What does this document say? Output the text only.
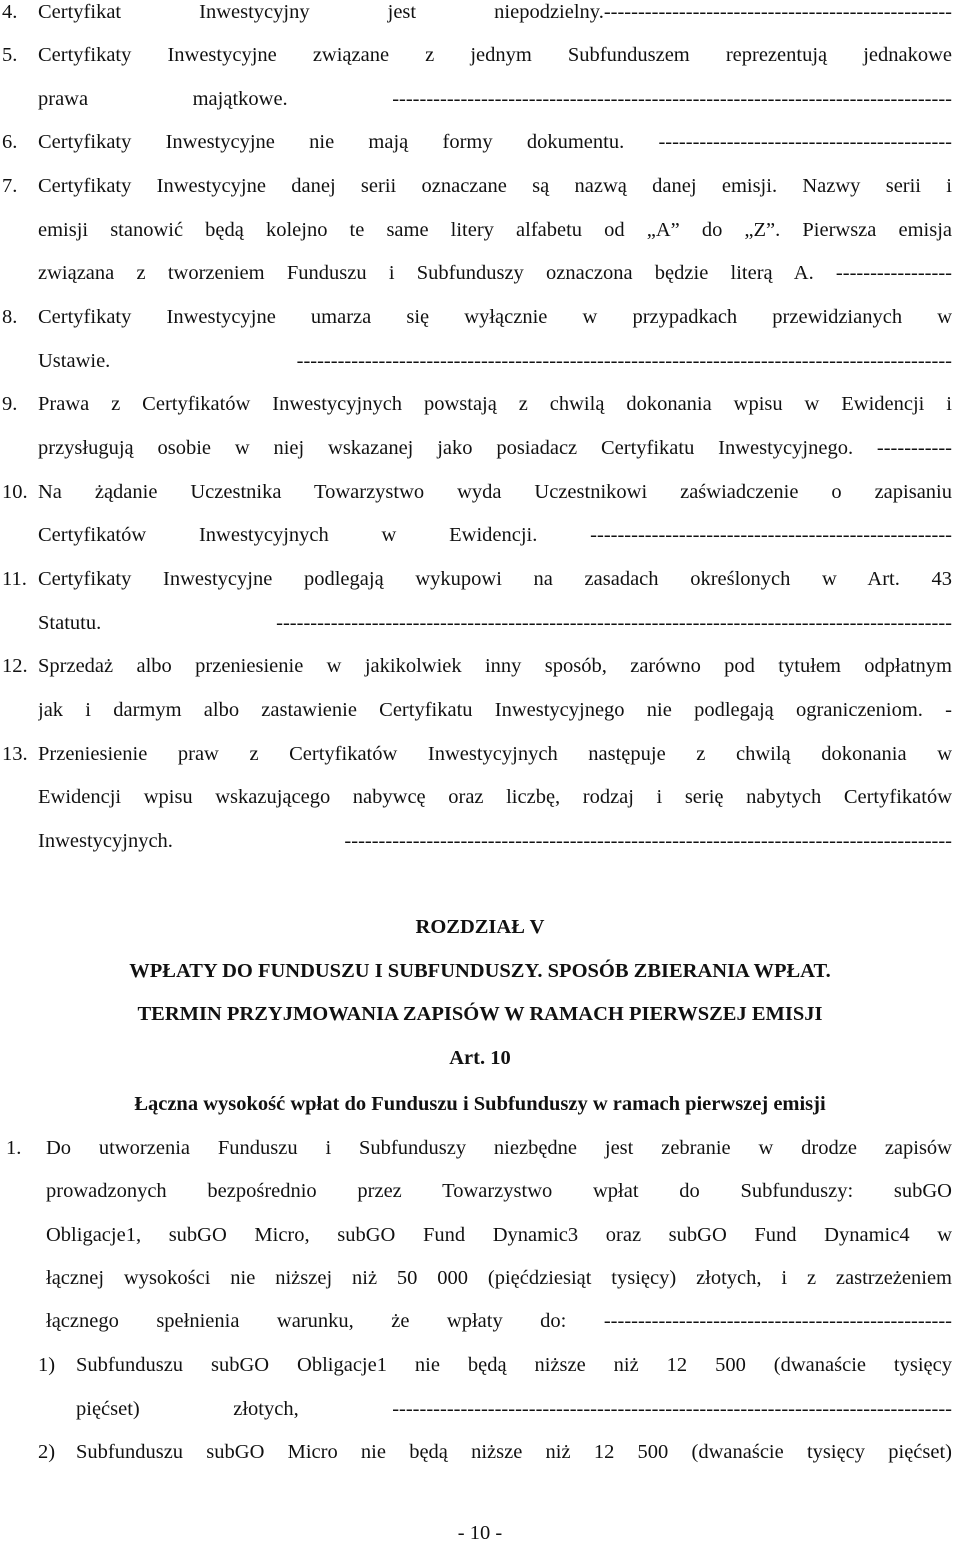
4. Certyfikat Inwestycyjny jest niepodzielny.---------------------------------------------------
5. Certyfikaty Inwestycyjne związane z jednym Subfunduszem reprezentują jednakowe
prawa majątkowe. ----------------------------------------------------------------------------------
6. Certyfikaty Inwestycyjne nie mają formy dokumentu. -------------------------------------------
7. Certyfikaty Inwestycyjne danej serii oznaczane są nazwą danej emisji. Nazwy serii i
emisji stanowić będą kolejno te same litery alfabetu od „A” do „Z”. Pierwsza emisja
związana z tworzeniem Funduszu i Subfunduszy oznaczona będzie literą A. -----------------
8. Certyfikaty Inwestycyjne umarza się wyłącznie w przypadkach przewidzianych w
Ustawie. ------------------------------------------------------------------------------------------------
9. Prawa z Certyfikatów Inwestycyjnych powstają z chwilą dokonania wpisu w Ewidencji i
przysługują osobie w niej wskazanej jako posiadacz Certyfikatu Inwestycyjnego. -----------
10. Na żądanie Uczestnika Towarzystwo wyda Uczestnikowi zaświadczenie o zapisaniu
Certyfikatów Inwestycyjnych w Ewidencji. -----------------------------------------------------
11. Certyfikaty Inwestycyjne podlegają wykupowi na zasadach określonych w Art. 43
Statutu. ---------------------------------------------------------------------------------------------------
12. Sprzedaż albo przeniesienie w jakikolwiek inny sposób, zarówno pod tytułem odpłatnym
jak i darmym albo zastawienie Certyfikatu Inwestycyjnego nie podlegają ograniczeniom. -
13. Przeniesienie praw z Certyfikatów Inwestycyjnych następuje z chwilą dokonania w
Ewidencji wpisu wskazującego nabywcę oraz liczbę, rodzaj i serię nabytych Certyfikatów
Inwestycyjnych. -----------------------------------------------------------------------------------------
1. Do utworzenia Funduszu i Subfunduszy niezbędne jest zebranie w drodze zapisów
prowadzonych bezpośrednio przez Towarzystwo wpłat do Subfunduszy: subGO
Obligacje1, subGO Micro, subGO Fund Dynamic3 oraz subGO Fund Dynamic4 w
łącznej wysokości nie niższej niż 50 000 (pięćdziesiąt tysięcy) złotych, i z zastrzeżeniem
łącznego spełnienia warunku, że wpłaty do: ---------------------------------------------------
1) Subfunduszu subGO Obligacje1 nie będą niższe niż 12 500 (dwanaście tysięcy
pięćset) złotych, ----------------------------------------------------------------------------------
2) Subfunduszu subGO Micro nie będą niższe niż 12 500 (dwanaście tysięcy pięćset)
ROZDZIAŁ V
WPŁATY DO FUNDUSZU I SUBFUNDUSZY. SPOSÓB ZBIERANIA WPŁAT.
TERMIN PRZYJMOWANIA ZAPISÓW W RAMACH PIERWSZEJ EMISJI
Art. 10
Łączna wysokość wpłat do Funduszu i Subfunduszy w ramach pierwszej emisji
- 10 -
